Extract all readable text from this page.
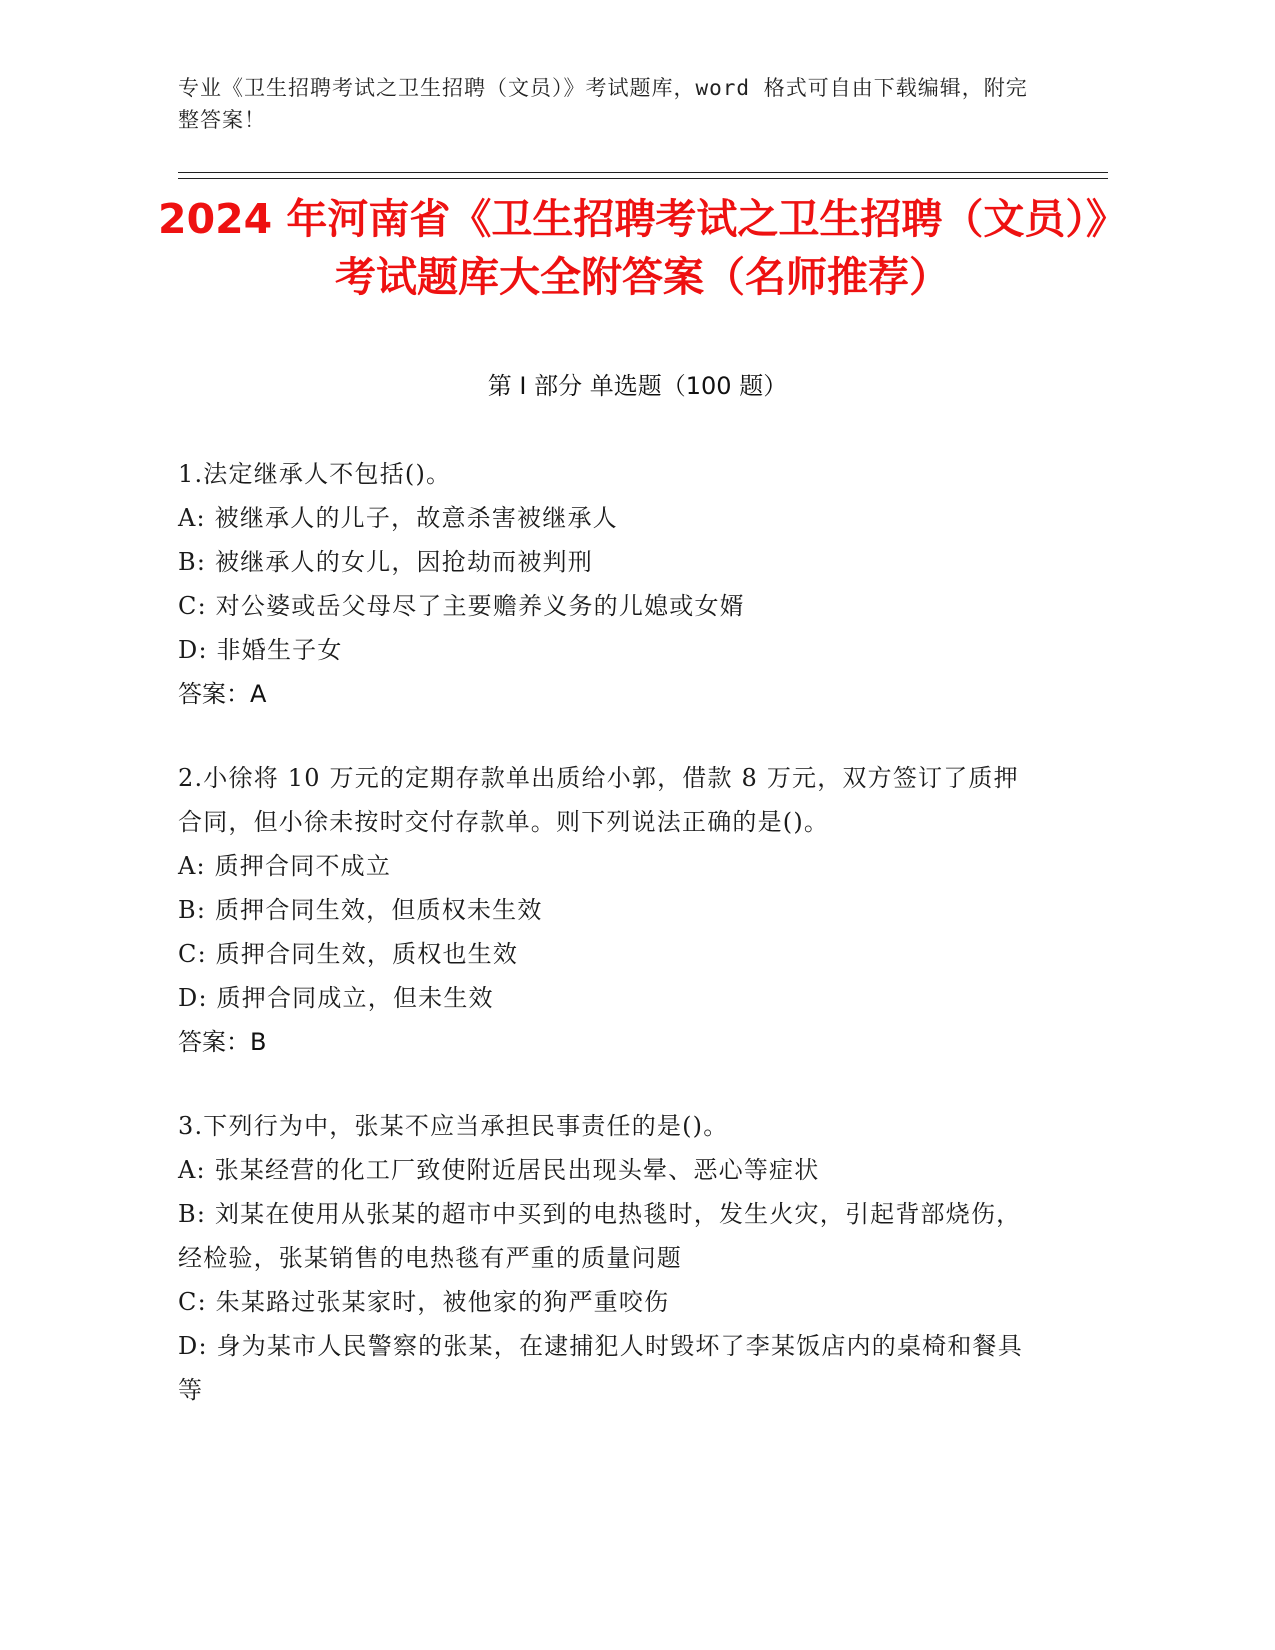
专业《卫生招聘考试之卫生招聘（文员）》考试题库，word 格式可自由下载编辑，附完整答案！
2024 年河南省《卫生招聘考试之卫生招聘（文员）》考试题库大全附答案（名师推荐）
第 I 部分 单选题（100 题）
1.法定继承人不包括()。
A: 被继承人的儿子，故意杀害被继承人
B: 被继承人的女儿，因抢劫而被判刑
C: 对公婆或岳父母尽了主要赡养义务的儿媳或女婿
D: 非婚生子女
答案：A
2.小徐将 10 万元的定期存款单出质给小郭，借款 8 万元，双方签订了质押合同，但小徐未按时交付存款单。则下列说法正确的是()。
A: 质押合同不成立
B: 质押合同生效，但质权未生效
C: 质押合同生效，质权也生效
D: 质押合同成立，但未生效
答案：B
3.下列行为中，张某不应当承担民事责任的是()。
A: 张某经营的化工厂致使附近居民出现头晕、恶心等症状
B: 刘某在使用从张某的超市中买到的电热毯时，发生火灾，引起背部烧伤，经检验，张某销售的电热毯有严重的质量问题
C: 朱某路过张某家时，被他家的狗严重咬伤
D: 身为某市人民警察的张某，在逮捕犯人时毁坏了李某饭店内的桌椅和餐具等
